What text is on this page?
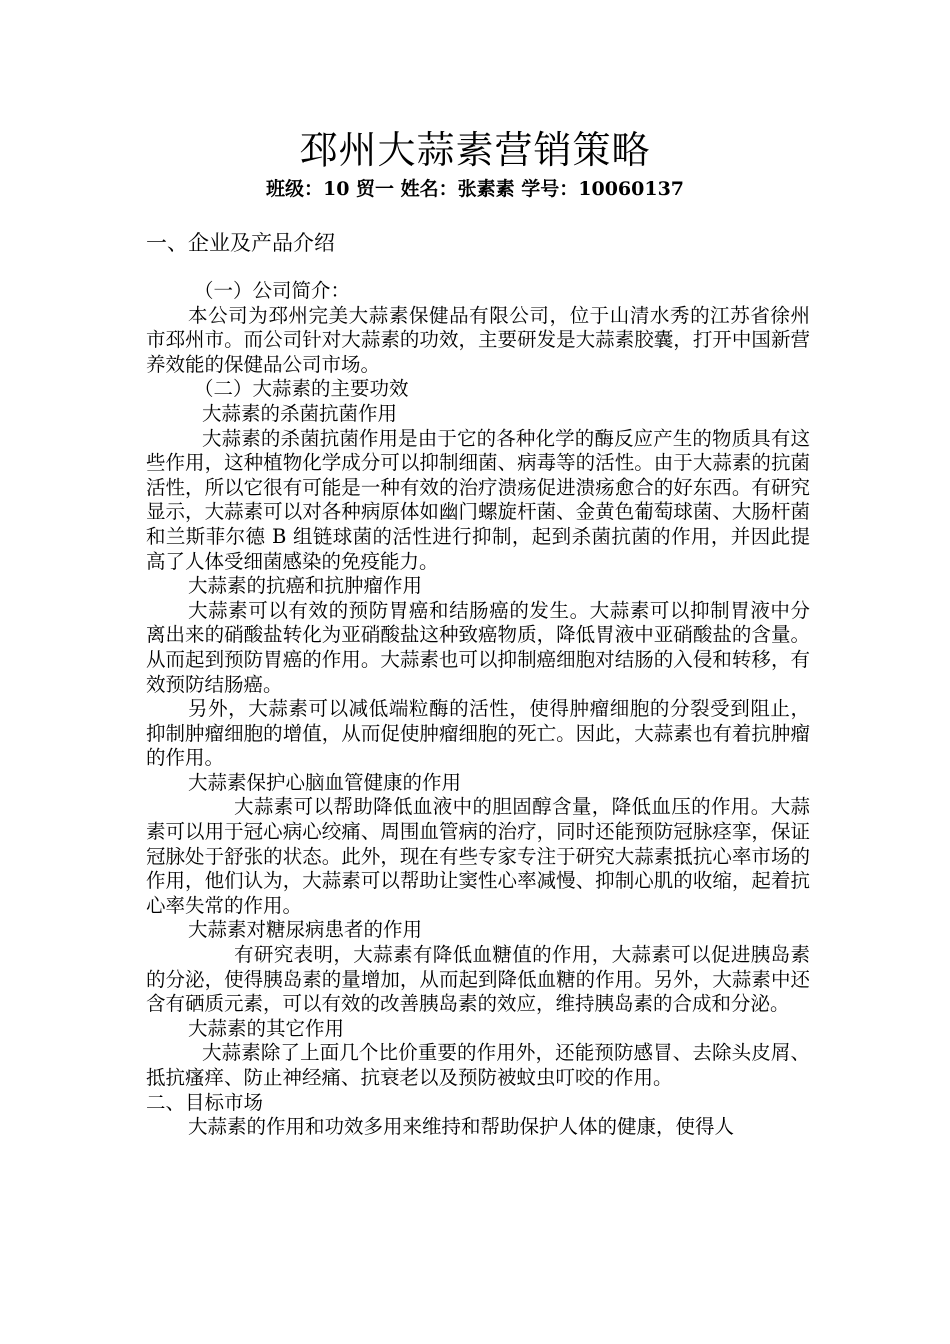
邳州大蒜素营销策略
班级：10 贸一 姓名：张素素 学号：10060137
一、企业及产品介绍

（一）公司简介：

本公司为邳州完美大蒜素保健品有限公司，位于山清水秀的江苏省徐州市邳州市。而公司针对大蒜素的功效，主要研发是大蒜素胶囊，打开中国新营养效能的保健品公司市场。

（二）大蒜素的主要功效

大蒜素的杀菌抗菌作用

大蒜素的杀菌抗菌作用是由于它的各种化学的酶反应产生的物质具有这些作用，这种植物化学成分可以抑制细菌、病毒等的活性。由于大蒜素的抗菌活性，所以它很有可能是一种有效的治疗溃疡促进溃疡愈合的好东西。有研究显示，大蒜素可以对各种病原体如幽门螺旋杆菌、金黄色葡萄球菌、大肠杆菌和兰斯菲尔德 B 组链球菌的活性进行抑制，起到杀菌抗菌的作用，并因此提高了人体受细菌感染的免疫能力。

大蒜素的抗癌和抗肿瘤作用

大蒜素可以有效的预防胃癌和结肠癌的发生。大蒜素可以抑制胃液中分离出来的硝酸盐转化为亚硝酸盐这种致癌物质，降低胃液中亚硝酸盐的含量。从而起到预防胃癌的作用。大蒜素也可以抑制癌细胞对结肠的入侵和转移，有效预防结肠癌。

另外，大蒜素可以减低端粒酶的活性，使得肿瘤细胞的分裂受到阻止，抑制肿瘤细胞的增值，从而促使肿瘤细胞的死亡。因此，大蒜素也有着抗肿瘤的作用。

大蒜素保护心脑血管健康的作用

大蒜素可以帮助降低血液中的胆固醇含量，降低血压的作用。大蒜素可以用于冠心病心绞痛、周围血管病的治疗，同时还能预防冠脉痉挛，保证冠脉处于舒张的状态。此外，现在有些专家专注于研究大蒜素抵抗心率市场的作用，他们认为，大蒜素可以帮助让窦性心率减慢、抑制心肌的收缩，起着抗心率失常的作用。

大蒜素对糖尿病患者的作用

有研究表明，大蒜素有降低血糖值的作用，大蒜素可以促进胰岛素的分泌，使得胰岛素的量增加，从而起到降低血糖的作用。另外，大蒜素中还含有硒质元素，可以有效的改善胰岛素的效应，维持胰岛素的合成和分泌。

大蒜素的其它作用

大蒜素除了上面几个比价重要的作用外，还能预防感冒、去除头皮屑、抵抗瘙痒、防止神经痛、抗衰老以及预防被蚊虫叮咬的作用。

二、目标市场

大蒜素的作用和功效多用来维持和帮助保护人体的健康，使得人
